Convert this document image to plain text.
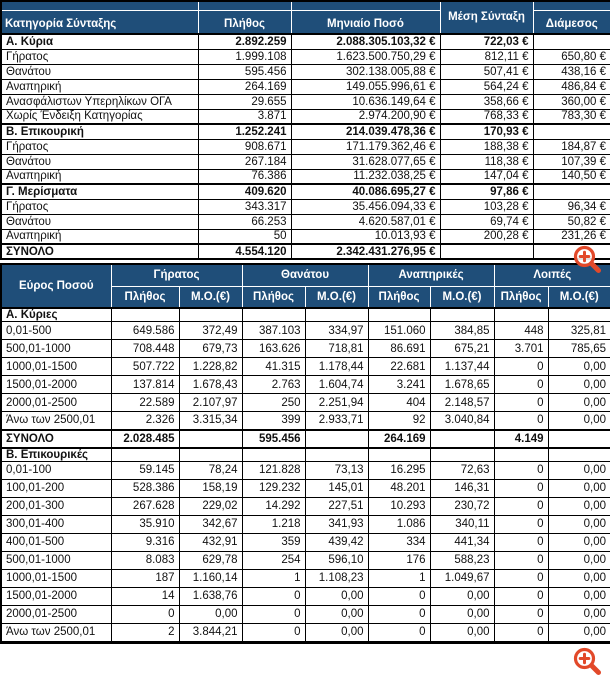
			Μέση Σύνταξη	
Κατηγορία Σύνταξης	Πλήθος	Μηνιαίο Ποσό		Διάμεσος
Α. Κύρια	2.892.259	2.088.305.103,32 €	722,03 €	
Γήρατος	1.999.108	1.623.500.750,29 €	812,11 €	650,80 €
Θανάτου	595.456	302.138.005,88 €	507,41 €	438,16 €
Αναπηρική	264.169	149.055.996,61 €	564,24 €	486,84 €
Ανασφάλιστων Υπερηλίκων ΟΓΑ	29.655	10.636.149,64 €	358,66 €	360,00 €
Χωρίς Ένδειξη Κατηγορίας	3.871	2.974.200,90 €	768,33 €	783,30 €
Β. Επικουρική	1.252.241	214.039.478,36 €	170,93 €	
Γήρατος	908.671	171.179.362,46 €	188,38 €	184,87 €
Θανάτου	267.184	31.628.077,65 €	118,38 €	107,39 €
Αναπηρική	76.386	11.232.038,25 €	147,04 €	140,50 €
Γ. Μερίσματα	409.620	40.086.695,27 €	97,86 €	
Γήρατος	343.317	35.456.094,33 €	103,28 €	96,34 €
Θανάτου	66.253	4.620.587,01 €	69,74 €	50,82 €
Αναπηρική	50	10.013,93 €	200,28 €	231,26 €
ΣΥΝΟΛΟ	4.554.120	2.342.431.276,95 €		
Εύρος Ποσού	Γήρατος		Θανάτου		Αναπηρικές		Λοιπές	
	Πλήθος	Μ.Ο.(€)	Πλήθος	Μ.Ο.(€)	Πλήθος	Μ.Ο.(€)	Πλήθος	Μ.Ο.(€)
Α. Κύριες								
0,01-500	649.586	372,49	387.103	334,97	151.060	384,85	448	325,81
500,01-1000	708.448	679,73	163.626	718,81	86.691	675,21	3.701	785,65
1000,01-1500	507.722	1.228,82	41.315	1.178,44	22.681	1.137,44	0	0,00
1500,01-2000	137.814	1.678,43	2.763	1.604,74	3.241	1.678,65	0	0,00
2000,01-2500	22.589	2.107,97	250	2.251,94	404	2.148,57	0	0,00
Άνω των 2500,01	2.326	3.315,34	399	2.933,71	92	3.040,84	0	0,00
ΣΥΝΟΛΟ	2.028.485		595.456		264.169		4.149	
Β. Επικουρικές								
0,01-100	59.145	78,24	121.828	73,13	16.295	72,63	0	0,00
100,01-200	528.386	158,19	129.232	145,01	48.201	146,31	0	0,00
200,01-300	267.628	229,02	14.292	227,51	10.293	230,72	0	0,00
300,01-400	35.910	342,67	1.218	341,93	1.086	340,11	0	0,00
400,01-500	9.316	432,91	359	439,42	334	441,34	0	0,00
500,01-1000	8.083	629,78	254	596,10	176	588,23	0	0,00
1000,01-1500	187	1.160,14	1	1.108,23	1	1.049,67	0	0,00
1500,01-2000	14	1.638,76	0	0,00	0	0,00	0	0,00
2000,01-2500	0	0,00	0	0,00	0	0,00	0	0,00
Άνω των 2500,01	2	3.844,21	0	0,00	0	0,00	0	0,00
